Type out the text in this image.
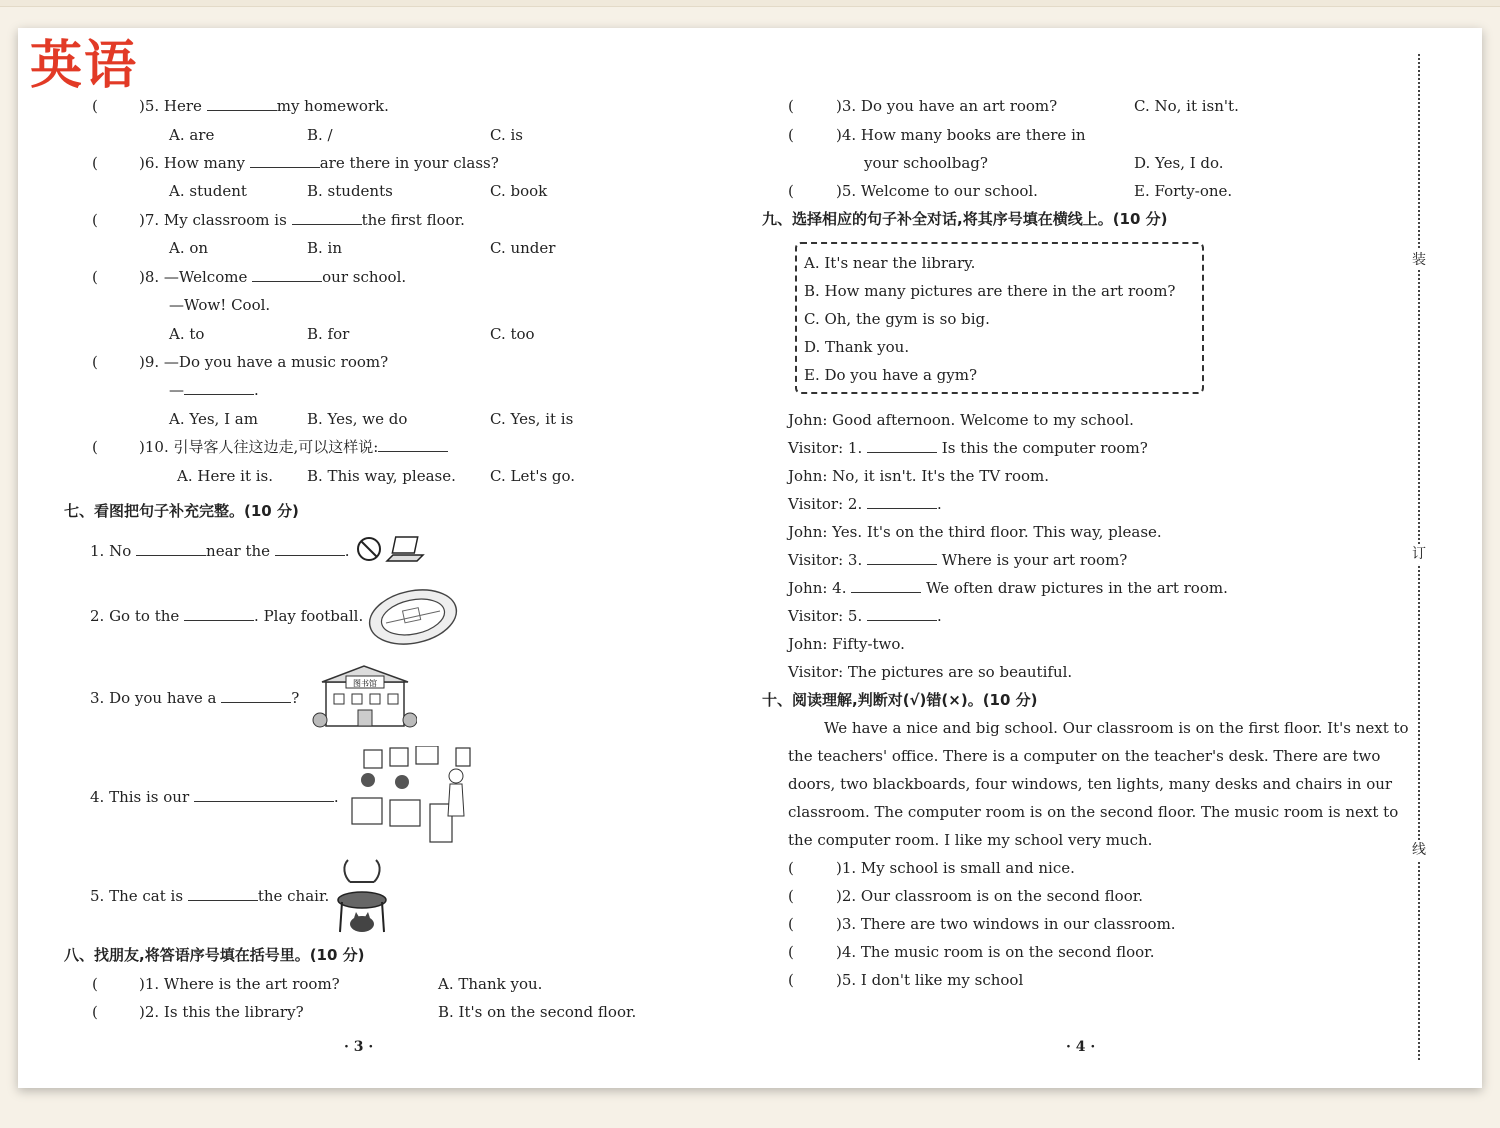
英语
(	)5. Here	my homework.
A. are	B. /	C. is
(	)6. How many	are there in your class?
A. student	B. students	C. book
(	)7. My classroom is	the first floor.
A. on	B. in	C. under
(	)8. —Welcome	our school.
—Wow! Cool.
A. to	B. for	C. too
(	)9. —Do you have a music room?
—	.
A. Yes, I am	B. Yes, we do	C. Yes, it is
(	)10. 引导客人往这边走,可以这样说:
A. Here it is. B. This way, please. C. Let's go.
七、看图把句子补充完整。(10 分)
1. No	near the	.
2. Go to the	. Play football.
3. Do you have a	?
图书馆
4. This is our	.
5. The cat is	the chair.
八、找朋友,将答语序号填在括号里。(10 分)
(	)1. Where is the art room?	A. Thank you.
(	)2. Is this the library?	B. It's on the second floor.
· 3 ·
(	)3. Do you have an art room?	C. No, it isn't.
(	)4. How many books are there in
your schoolbag?	D. Yes, I do.
(	)5. Welcome to our school.	E. Forty-one.
九、选择相应的句子补全对话,将其序号填在横线上。(10 分)
A. It's near the library.
B. How many pictures are there in the art room?
C. Oh, the gym is so big.
D. Thank you.
E. Do you have a gym?
John: Good afternoon. Welcome to my school.
Visitor: 1.	Is this the computer room?
John: No, it isn't. It's the TV room.
Visitor: 2.	.
John: Yes. It's on the third floor. This way, please.
Visitor: 3.	Where is your art room?
John: 4.	We often draw pictures in the art room.
Visitor: 5.	.
John: Fifty-two.
Visitor: The pictures are so beautiful.
十、阅读理解,判断对(√)错(×)。(10 分)
We have a nice and big school. Our classroom is on the first floor. It's next to
the teachers' office. There is a computer on the teacher's desk. There are two
doors, two blackboards, four windows, ten lights, many desks and chairs in our
classroom. The computer room is on the second floor. The music room is next to
the computer room. I like my school very much.
(	)1. My school is small and nice.
(	)2. Our classroom is on the second floor.
(	)3. There are two windows in our classroom.
(	)4. The music room is on the second floor.
(	)5. I don't like my school
· 4 ·
装
订
线
